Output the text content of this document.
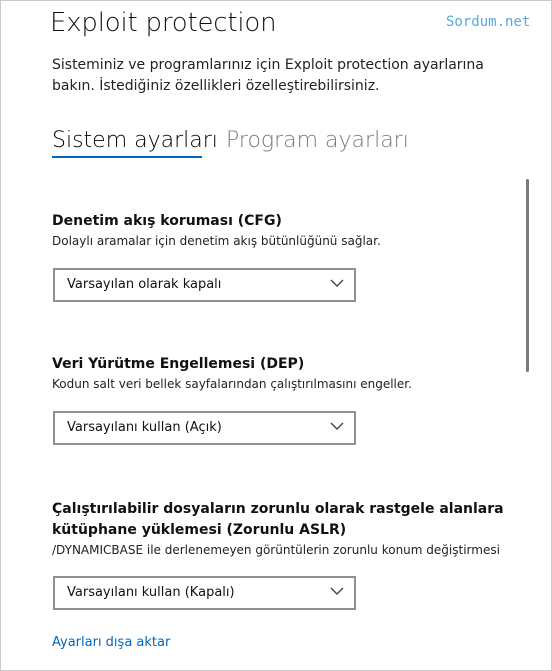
Exploit protection	Sordum.net
Sisteminiz ve programlarınız için Exploit protection ayarlarına bakın. İstediğiniz özellikleri özelleştirebilirsiniz.
Sistem ayarları Program ayarları
Denetim akış koruması (CFG)
Dolaylı aramalar için denetim akış bütünlüğünü sağlar.
Varsayılan olarak kapalı
Veri Yürütme Engellemesi (DEP)
Kodun salt veri bellek sayfalarından çalıştırılmasını engeller.
Varsayılanı kullan (Açık)
Çalıştırılabilir dosyaların zorunlu olarak rastgele alanlara kütüphane yüklemesi (Zorunlu ASLR)
/DYNAMICBASE ile derlenemeyen görüntülerin zorunlu konum değiştirmesi
Varsayılanı kullan (Kapalı)
Ayarları dışa aktar
